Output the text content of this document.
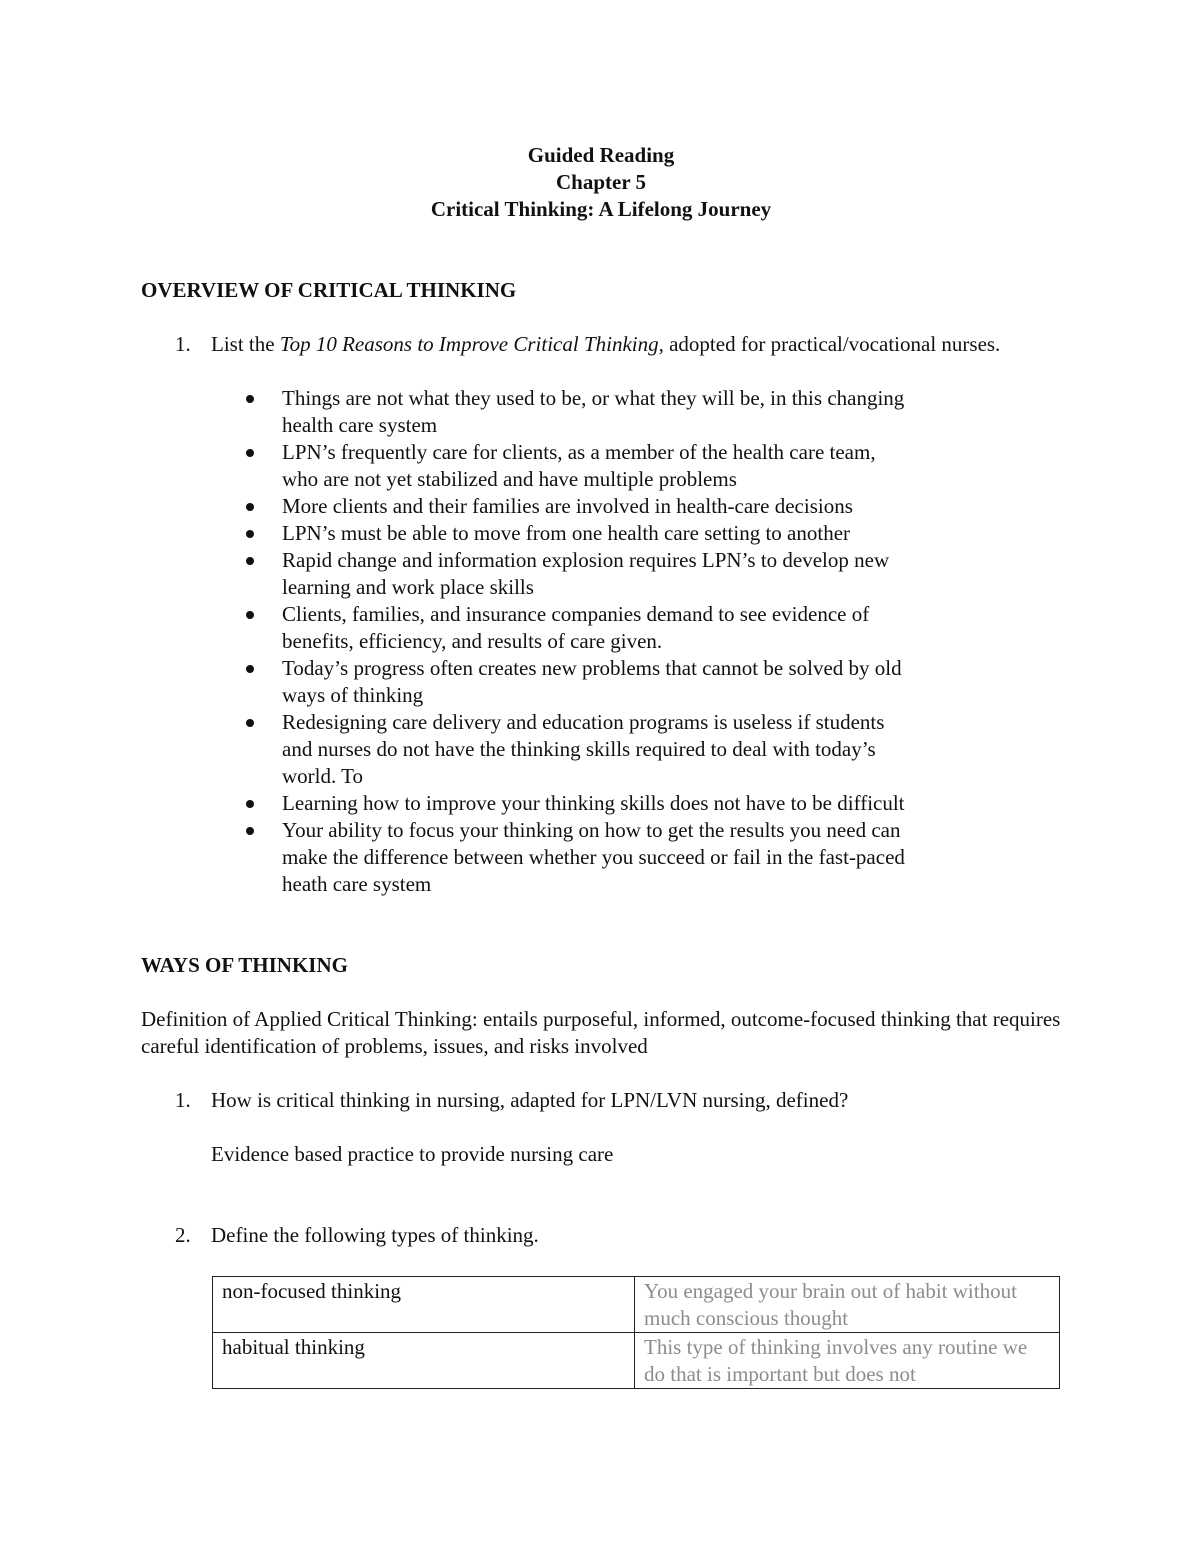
Guided Reading
Chapter 5
Critical Thinking: A Lifelong Journey
OVERVIEW OF CRITICAL THINKING
1. List the Top 10 Reasons to Improve Critical Thinking, adopted for practical/vocational nurses.
Things are not what they used to be, or what they will be, in this changing health care system
LPN’s frequently care for clients, as a member of the health care team, who are not yet stabilized and have multiple problems
More clients and their families are involved in health-care decisions
LPN’s must be able to move from one health care setting to another
Rapid change and information explosion requires LPN’s to develop new learning and work place skills
Clients, families, and insurance companies demand to see evidence of benefits, efficiency, and results of care given.
Today’s progress often creates new problems that cannot be solved by old ways of thinking
Redesigning care delivery and education programs is useless if students and nurses do not have the thinking skills required to deal with today’s world. To
Learning how to improve your thinking skills does not have to be difficult
Your ability to focus your thinking on how to get the results you need can make the difference between whether you succeed or fail in the fast-paced heath care system
WAYS OF THINKING
Definition of Applied Critical Thinking: entails purposeful, informed, outcome-focused thinking that requires careful identification of problems, issues, and risks involved
1. How is critical thinking in nursing, adapted for LPN/LVN nursing, defined?
Evidence based practice to provide nursing care
2. Define the following types of thinking.
non-focused thinking	You engaged your brain out of habit without much conscious thought
habitual thinking	This type of thinking involves any routine we do that is important but does not
